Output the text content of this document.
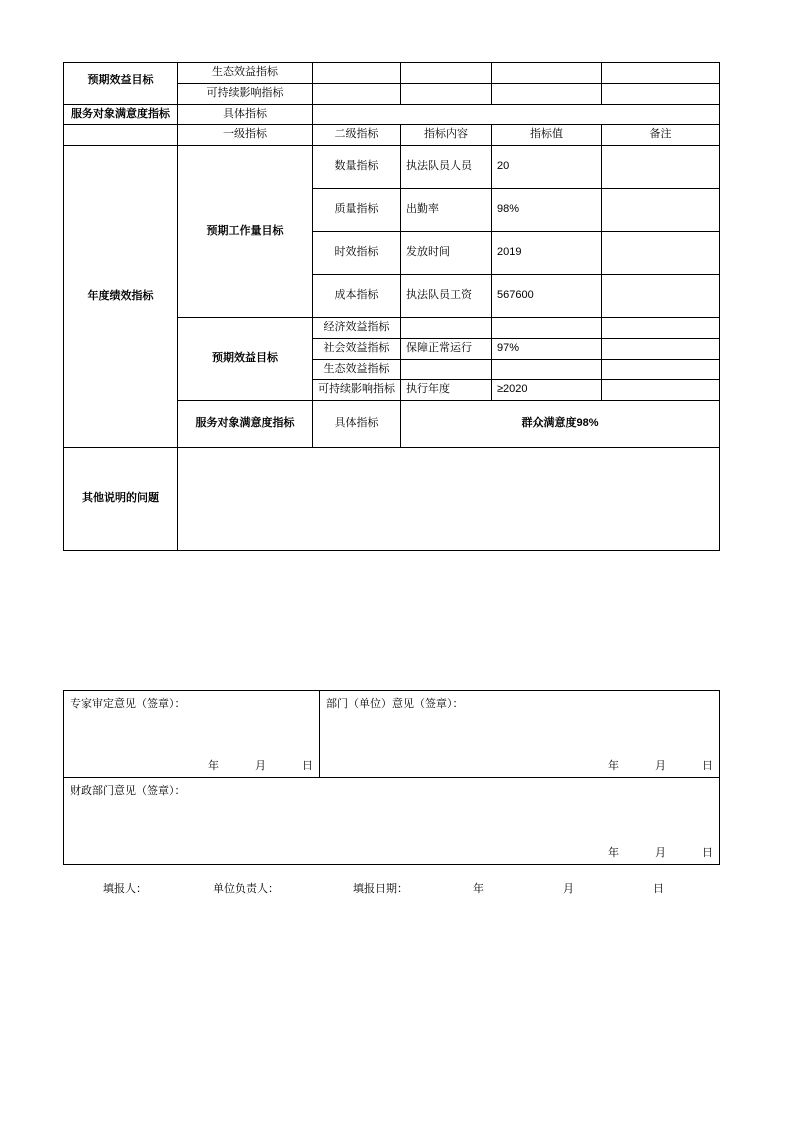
预期效益目标	生态效益指标				
	可持续影响指标				
服务对象满意度指标	具体指标				
	一级指标	二级指标	指标内容	指标值	备注
年度绩效指标	预期工作量目标	数量指标	执法队员人员	20	
		质量指标	出勤率	98%	
		时效指标	发放时间	2019	
		成本指标	执法队员工资	567600	
	预期效益目标	经济效益指标			
		社会效益指标	保障正常运行	97%	
		生态效益指标			
		可持续影响指标	执行年度	≥2020	
	服务对象满意度指标	具体指标	群众满意度98%		
其他说明的问题					
专家审定意见（签章）：
年	月	日

部门（单位）意见（签章）：
年	月	日

财政部门意见（签章）：
年	月	日
填报人：	单位负责人：	填报日期：	年	月	日
